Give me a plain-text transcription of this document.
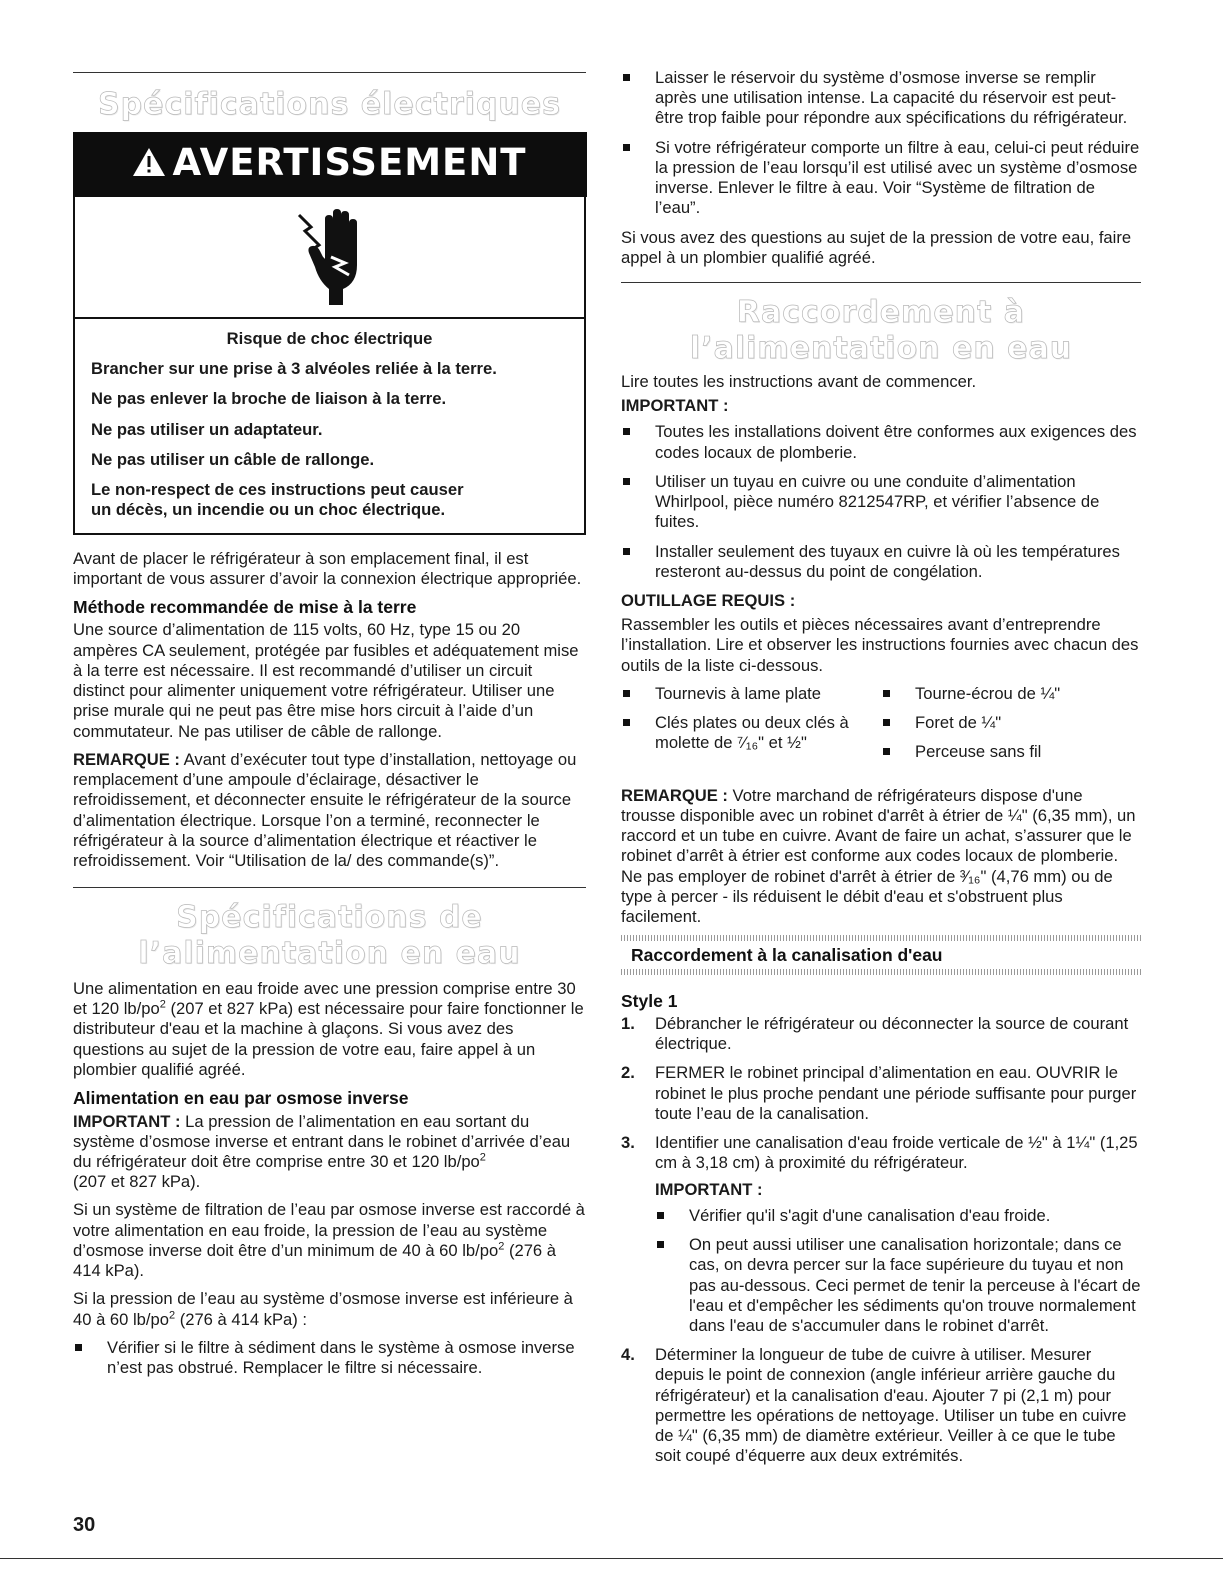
Spécifications électriques
AVERTISSEMENT

Risque de choc électrique

Brancher sur une prise à 3 alvéoles reliée à la terre.

Ne pas enlever la broche de liaison à la terre.

Ne pas utiliser un adaptateur.

Ne pas utiliser un câble de rallonge.

Le non-respect de ces instructions peut causer
un décès, un incendie ou un choc électrique.

Avant de placer le réfrigérateur à son emplacement final, il est important de vous assurer d’avoir la connexion électrique appropriée.

Méthode recommandée de mise à la terre

Une source d’alimentation de 115 volts, 60 Hz, type 15 ou 20 ampères CA seulement, protégée par fusibles et adéquatement mise à la terre est nécessaire. Il est recommandé d’utiliser un circuit distinct pour alimenter uniquement votre réfrigérateur. Utiliser une prise murale qui ne peut pas être mise hors circuit à l’aide d’un commutateur. Ne pas utiliser de câble de rallonge.

REMARQUE : Avant d’exécuter tout type d’installation, nettoyage ou remplacement d’une ampoule d’éclairage, désactiver le refroidissement, et déconnecter ensuite le réfrigérateur de la source d’alimentation électrique. Lorsque l’on a terminé, reconnecter le réfrigérateur à la source d’alimentation électrique et réactiver le refroidissement. Voir “Utilisation de la/ des commande(s)”.

Spécifications de
l’alimentation en eau

Une alimentation en eau froide avec une pression comprise entre 30 et 120 $lb/po^2$ (207 et 827 kPa) est nécessaire pour faire fonctionner le distributeur d'eau et la machine à glaçons. Si vous avez des questions au sujet de la pression de votre eau, faire appel à un plombier qualifié agréé.

Alimentation en eau par osmose inverse

IMPORTANT : La pression de l’alimentation en eau sortant du système d’osmose inverse et entrant dans le robinet d’arrivée d’eau du réfrigérateur doit être comprise entre 30 et 120 $lb/po^2$
(207 et 827 kPa).

Si un système de filtration de l’eau par osmose inverse est raccordé à votre alimentation en eau froide, la pression de l’eau au système d’osmose inverse doit être d’un minimum de 40 à 60 $lb/po^2$ (276 à 414 kPa).

Si la pression de l’eau au système d’osmose inverse est inférieure à 40 à 60 $lb/po^2$ (276 à 414 kPa) :

Vérifier si le filtre à sédiment dans le système à osmose inverse n’est pas obstrué. Remplacer le filtre si nécessaire.
Laisser le réservoir du système d’osmose inverse se remplir après une utilisation intense. La capacité du réservoir est peut-être trop faible pour répondre aux spécifications du réfrigérateur.
Si votre réfrigérateur comporte un filtre à eau, celui-ci peut réduire la pression de l’eau lorsqu’il est utilisé avec un système d’osmose inverse. Enlever le filtre à eau. Voir “Système de filtration de l’eau”.

Si vous avez des questions au sujet de la pression de votre eau, faire appel à un plombier qualifié agréé.

Raccordement à
l’alimentation en eau

Lire toutes les instructions avant de commencer.

IMPORTANT :

Toutes les installations doivent être conformes aux exigences des codes locaux de plomberie.
Utiliser un tuyau en cuivre ou une conduite d’alimentation Whirlpool, pièce numéro 8212547RP, et vérifier l’absence de fuites.
Installer seulement des tuyaux en cuivre là où les températures resteront au-dessus du point de congélation.

OUTILLAGE REQUIS :

Rassembler les outils et pièces nécessaires avant d’entreprendre l’installation. Lire et observer les instructions fournies avec chacun des outils de la liste ci-dessous.

Tournevis à lame plate
Clés plates ou deux clés à molette de ⁷⁄₁₆" et ½"
Tourne-écrou de ¼"
Foret de ¼"
Perceuse sans fil

REMARQUE : Votre marchand de réfrigérateurs dispose d'une trousse disponible avec un robinet d'arrêt à étrier de ¼" (6,35 mm), un raccord et un tube en cuivre. Avant de faire un achat, s’assurer que le robinet d’arrêt à étrier est conforme aux codes locaux de plomberie. Ne pas employer de robinet d'arrêt à étrier de ³⁄₁₆" (4,76 mm) ou de type à percer - ils réduisent le débit d'eau et s'obstruent plus facilement.

Raccordement à la canalisation d'eau
Style 1
1. Débrancher le réfrigérateur ou déconnecter la source de courant électrique.
2. FERMER le robinet principal d’alimentation en eau. OUVRIR le robinet le plus proche pendant une période suffisante pour purger toute l’eau de la canalisation.
3. Identifier une canalisation d'eau froide verticale de ½" à 1¼" (1,25 cm à 3,18 cm) à proximité du réfrigérateur.
IMPORTANT :
Vérifier qu'il s'agit d'une canalisation d'eau froide.
On peut aussi utiliser une canalisation horizontale; dans ce cas, on devra percer sur la face supérieure du tuyau et non pas au-dessous. Ceci permet de tenir la perceuse à l'écart de l'eau et d'empêcher les sédiments qu'on trouve normalement dans l'eau de s'accumuler dans le robinet d'arrêt.
4. Déterminer la longueur de tube de cuivre à utiliser. Mesurer depuis le point de connexion (angle inférieur arrière gauche du réfrigérateur) et la canalisation d'eau. Ajouter 7 pi (2,1 m) pour permettre les opérations de nettoyage. Utiliser un tube en cuivre de ¼" (6,35 mm) de diamètre extérieur. Veiller à ce que le tube soit coupé d’équerre aux deux extrémités.
30
